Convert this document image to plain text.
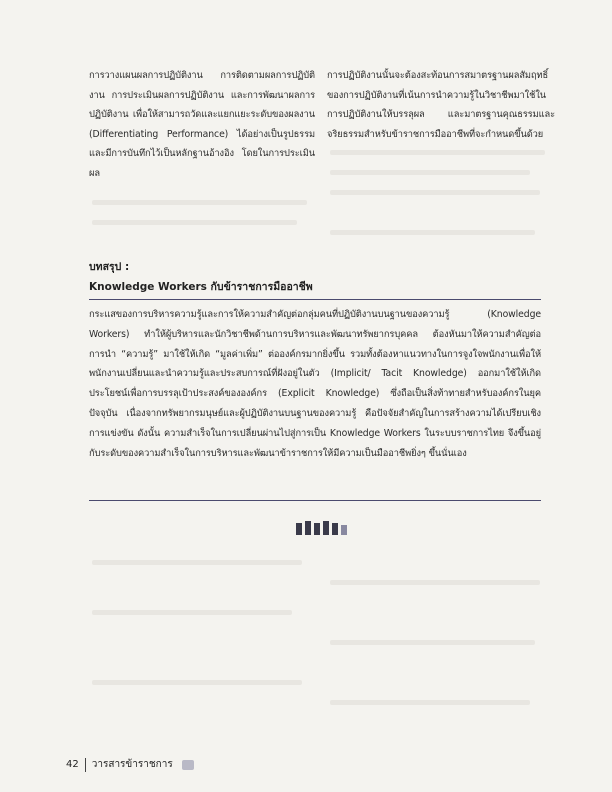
การวางแผนผลการปฏิบัติงาน การติดตามผลการปฏิบัติงาน การประเมินผลการปฏิบัติงาน และการพัฒนาผลการปฏิบัติงาน เพื่อให้สามารถวัดและแยกแยะระดับของผลงาน (Differentiating Performance) ได้อย่างเป็นรูปธรรม และมีการบันทึกไว้เป็นหลักฐานอ้างอิง โดยในการประเมินผล

การปฏิบัติงานนั้นจะต้องสะท้อนการสมาตรฐานผลสัมฤทธิ์ของการปฏิบัติงานที่เน้นการนำความรู้ในวิชาชีพมาใช้ในการปฏิบัติงานให้บรรลุผล และมาตรฐานคุณธรรมและจริยธรรมสำหรับข้าราชการมืออาชีพที่จะกำหนดขึ้นด้วย

บทสรุป :
Knowledge Workers กับข้าราชการมืออาชีพ

กระแสของการบริหารความรู้และการให้ความสำคัญต่อกลุ่มคนที่ปฏิบัติงานบนฐานของความรู้ (Knowledge Workers) ทำให้ผู้บริหารและนักวิชาชีพด้านการบริหารและพัฒนาทรัพยากรบุคคล ต้องหันมาให้ความสำคัญต่อการนำ “ความรู้” มาใช้ให้เกิด “มูลค่าเพิ่ม” ต่อองค์กรมากยิ่งขึ้น รวมทั้งต้องหาแนวทางในการจูงใจพนักงานเพื่อให้พนักงานเปลี่ยนและนำความรู้และประสบการณ์ที่ฝังอยู่ในตัว (Implicit/ Tacit Knowledge) ออกมาใช้ให้เกิดประโยชน์เพื่อการบรรลุเป้าประสงค์ขององค์กร (Explicit Knowledge) ซึ่งถือเป็นสิ่งท้าทายสำหรับองค์กรในยุคปัจจุบัน เนื่องจากทรัพยากรมนุษย์และผู้ปฏิบัติงานบนฐานของความรู้ คือปัจจัยสำคัญในการสร้างความได้เปรียบเชิงการแข่งขัน ดังนั้น ความสำเร็จในการเปลี่ยนผ่านไปสู่การเป็น Knowledge Workers ในระบบราชการไทย จึงขึ้นอยู่กับระดับของความสำเร็จในการบริหารและพัฒนาข้าราชการให้มีความเป็นมืออาชีพยิ่งๆ ขึ้นนั่นเอง

42 วารสารข้าราชการ
